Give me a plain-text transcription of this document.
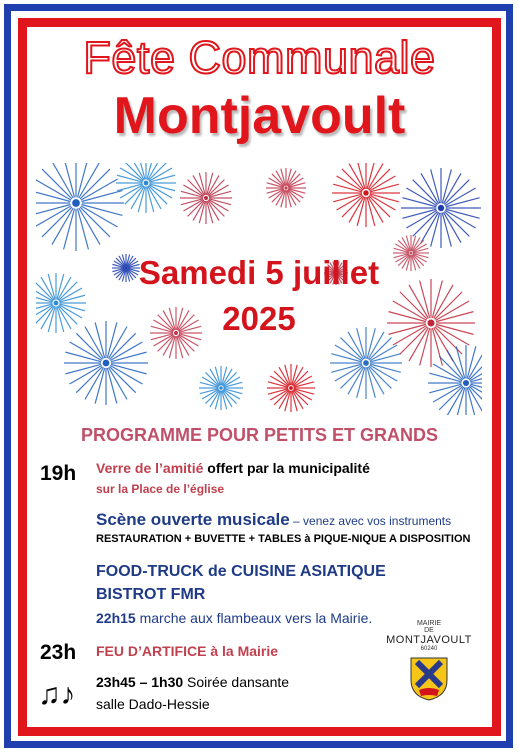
Fête Communale
Montjavoult
Samedi 5 juillet
2025
PROGRAMME POUR PETITS ET GRANDS
19h Verre de l’amitié offert par la municipalité
sur la Place de l’église
Scène ouverte musicale – venez avec vos instruments
RESTAURATION + BUVETTE + TABLES à PIQUE-NIQUE A DISPOSITION
FOOD-TRUCK de CUISINE ASIATIQUE
BISTROT FMR
22h15 marche aux flambeaux vers la Mairie.
23h FEU D’ARTIFICE à la Mairie
♫♪ 23h45 – 1h30 Soirée dansante
salle Dado-Hessie
MAIRIE
DE
MONTJAVOULT
60240
